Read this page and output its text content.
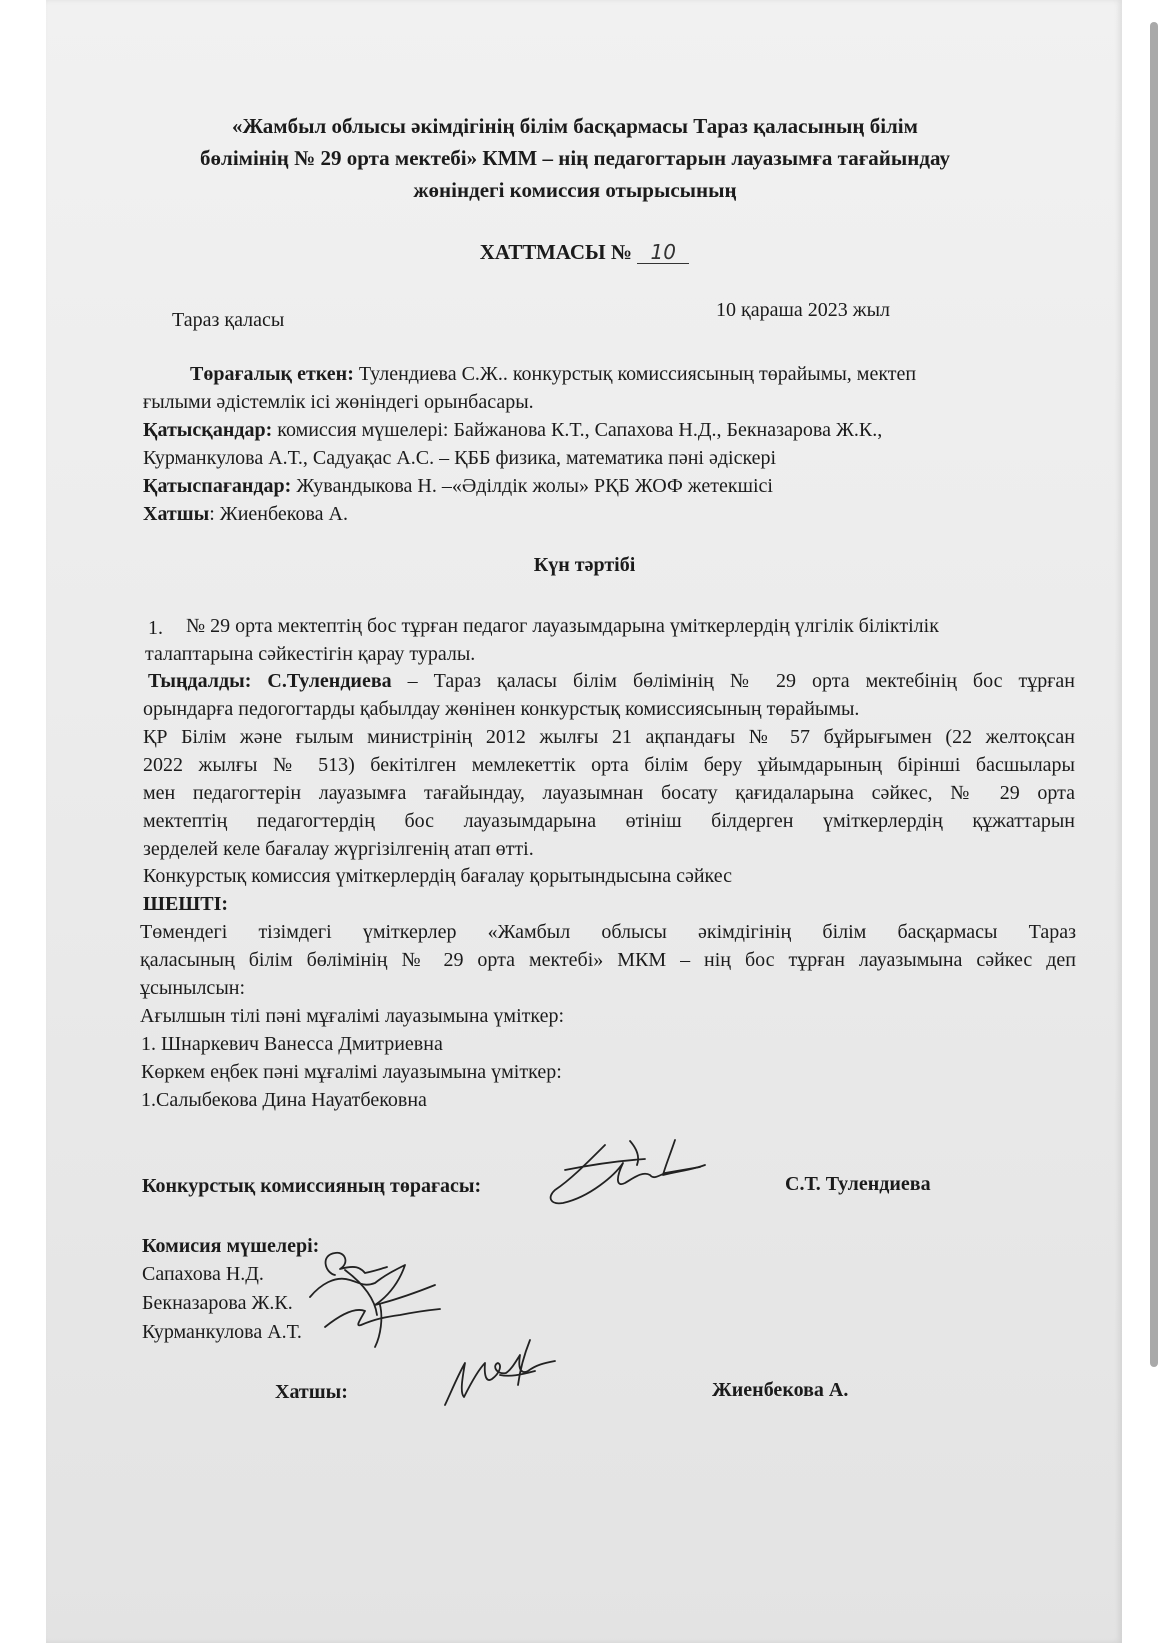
«Жамбыл облысы әкімдігінің білім басқармасы Тараз қаласының білім
бөлімінің № 29 орта мектебі» КММ – нің педагогтарын лауазымға тағайындау
жөніндегі комиссия отырысының
ХАТТМАСЫ № 10
Тараз қаласы	10 қараша 2023 жыл
Төрағалық еткен: Тулендиева С.Ж.. конкурстық комиссиясының төрайымы, мектеп
ғылыми әдістемлік ісі жөніндегі орынбасары.
Қатысқандар: комиссия мүшелері: Байжанова К.Т., Сапахова Н.Д., Бекназарова Ж.К.,
Курманкулова А.Т., Садуақас А.С. – ҚББ физика, математика пәні әдіскері
Қатыспағандар: Жувандыкова Н. –«Әділдік жолы» РҚБ ЖОФ жетекшісі
Хатшы: Жиенбекова А.
Күн тәртібі
1. № 29 орта мектептің бос тұрған педагог лауазымдарына үміткерлердің үлгілік біліктілік
талаптарына сәйкестігін қарау туралы.
Тыңдалды: С.Тулендиева – Тараз қаласы білім бөлімінің № 29 орта мектебінің бос тұрған
орындарға педогогтарды қабылдау жөнінен конкурстық комиссиясының төрайымы.
ҚР Білім және ғылым министрінің 2012 жылғы 21 ақпандағы № 57 бұйрығымен (22 желтоқсан
2022 жылғы № 513) бекітілген мемлекеттік орта білім беру ұйымдарының бірінші басшылары
мен педагогтерін лауазымға тағайындау, лауазымнан босату қағидаларына сәйкес, № 29 орта
мектептің педагогтердің бос лауазымдарына өтініш білдерген үміткерлердің құжаттарын
зерделей келе бағалау жүргізілгенің атап өтті.
Конкурстық комиссия үміткерлердің бағалау қорытындысына сәйкес
ШЕШТІ:
Төмендегі тізімдегі үміткерлер «Жамбыл облысы әкімдігінің білім басқармасы Тараз
қаласының білім бөлімінің № 29 орта мектебі» МКМ – нің бос тұрған лауазымына сәйкес деп
ұсынылсын:
Ағылшын тілі пәні мұғалімі лауазымына үміткер:
1. Шнаркевич Ванесса Дмитриевна
Көркем еңбек пәні мұғалімі лауазымына үміткер:
1.Салыбекова Дина Науатбековна
Конкурстық комиссияның төрағасы:	С.Т. Тулендиева
Комисия мүшелері:
Сапахова Н.Д.
Бекназарова Ж.К.
Курманкулова А.Т.
Хатшы:	Жиенбекова А.
